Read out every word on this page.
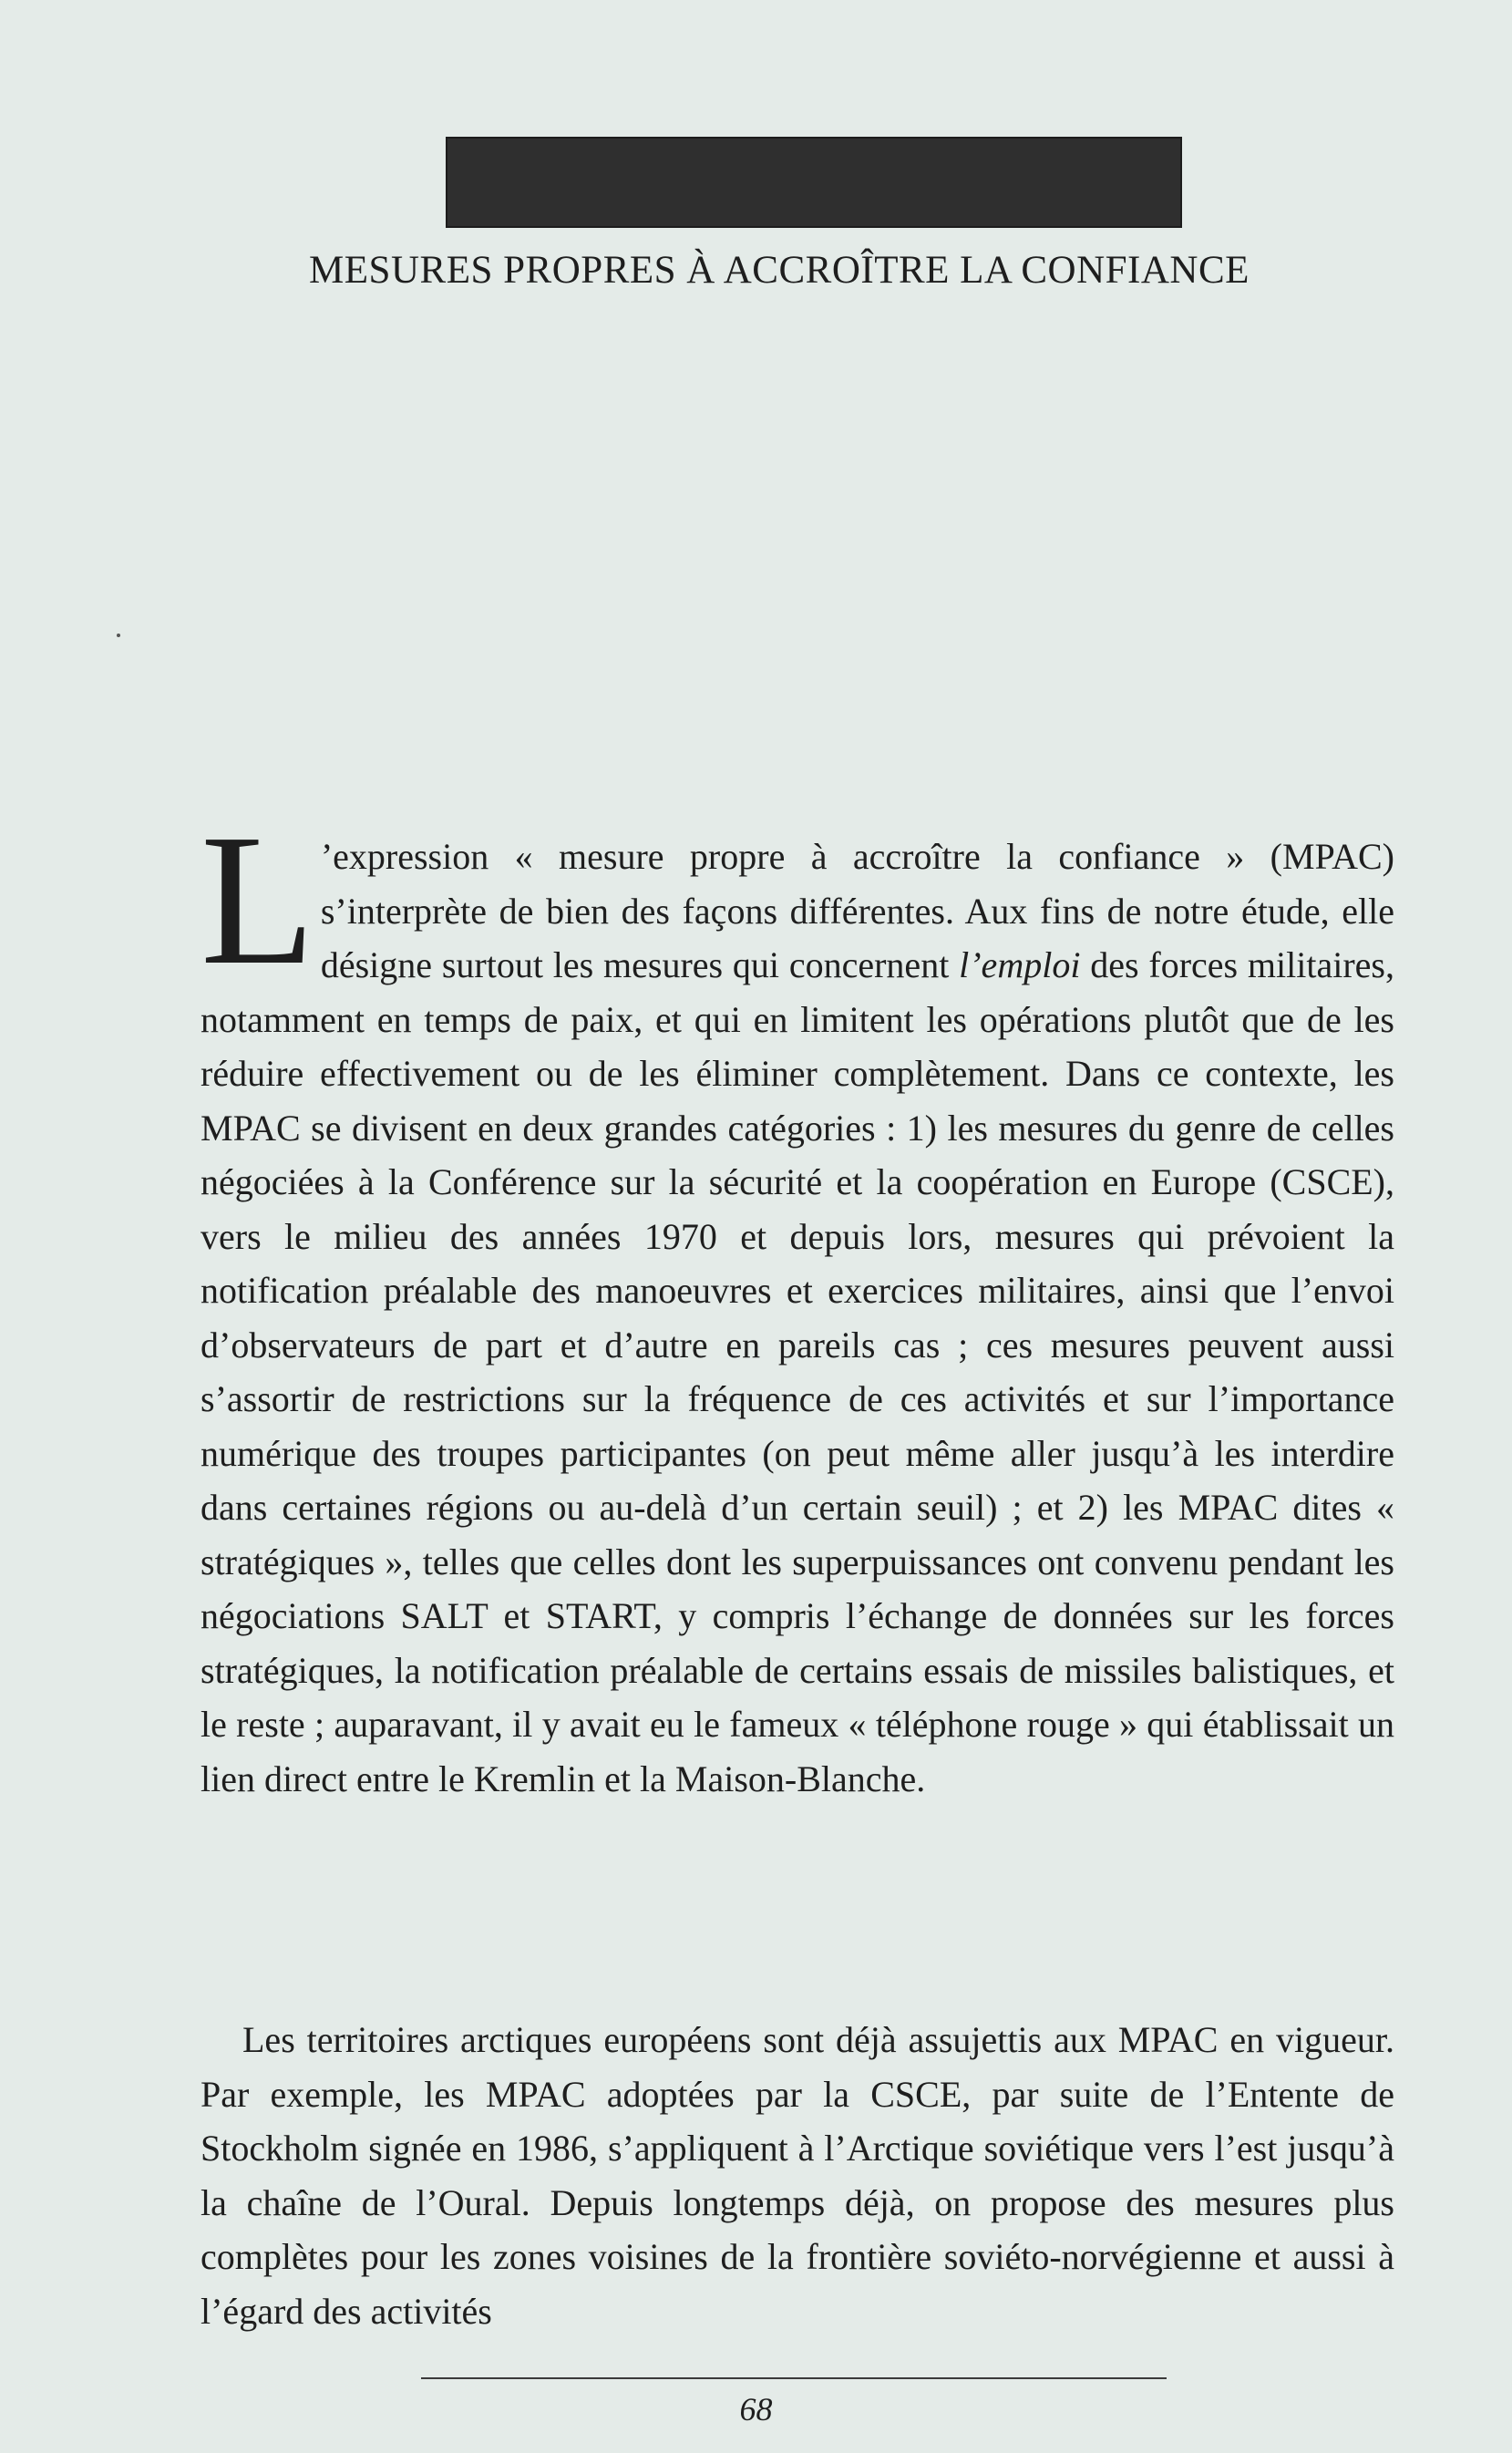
MESURES PROPRES À ACCROÎTRE LA CONFIANCE
L ’expression « mesure propre à accroître la confiance » (MPAC) s’interprète de bien des façons différentes. Aux fins de notre étude, elle désigne surtout les mesures qui concernent l’emploi des forces militaires, notamment en temps de paix, et qui en limitent les opérations plutôt que de les réduire effectivement ou de les éliminer complètement. Dans ce contexte, les MPAC se divisent en deux grandes catégories : 1) les mesures du genre de celles négociées à la Conférence sur la sécurité et la coopération en Europe (CSCE), vers le milieu des années 1970 et depuis lors, mesures qui prévoient la notification préalable des manoeuvres et exercices militaires, ainsi que l’envoi d’observateurs de part et d’autre en pareils cas ; ces mesures peuvent aussi s’assortir de restrictions sur la fréquence de ces activités et sur l’importance numérique des troupes participantes (on peut même aller jusqu’à les interdire dans certaines régions ou au-delà d’un certain seuil) ; et 2) les MPAC dites « stratégiques », telles que celles dont les superpuissances ont convenu pendant les négociations SALT et START, y compris l’échange de données sur les forces stratégiques, la notification préalable de certains essais de missiles balistiques, et le reste ; auparavant, il y avait eu le fameux « téléphone rouge » qui établissait un lien direct entre le Kremlin et la Maison-Blanche.
Les territoires arctiques européens sont déjà assujettis aux MPAC en vigueur. Par exemple, les MPAC adoptées par la CSCE, par suite de l’Entente de Stockholm signée en 1986, s’appliquent à l’Arctique soviétique vers l’est jusqu’à la chaîne de l’Oural. Depuis longtemps déjà, on propose des mesures plus complètes pour les zones voisines de la frontière soviéto-norvégienne et aussi à l’égard des activités
68
